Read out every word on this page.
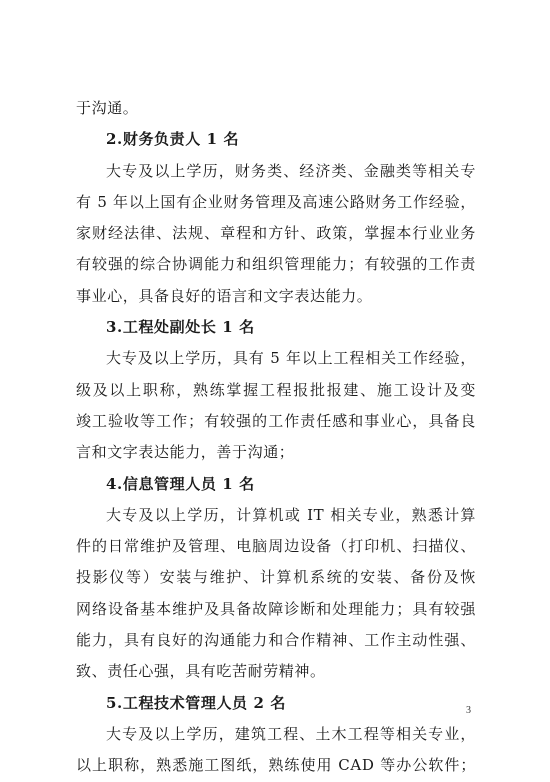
于沟通。
2.财务负责人 1 名
大专及以上学历，财务类、经济类、金融类等相关专
有 5 年以上国有企业财务管理及高速公路财务工作经验，
家财经法律、法规、章程和方针、政策，掌握本行业业务
有较强的综合协调能力和组织管理能力；有较强的工作责
事业心，具备良好的语言和文字表达能力。
3.工程处副处长 1 名
大专及以上学历，具有 5 年以上工程相关工作经验，
级及以上职称，熟练掌握工程报批报建、施工设计及变
竣工验收等工作；有较强的工作责任感和事业心，具备良
言和文字表达能力，善于沟通；
4.信息管理人员 1 名
大专及以上学历，计算机或 IT 相关专业，熟悉计算
件的日常维护及管理、电脑周边设备（打印机、扫描仪、
投影仪等）安装与维护、计算机系统的安装、备份及恢
网络设备基本维护及具备故障诊断和处理能力；具有较强
能力，具有良好的沟通能力和合作精神、工作主动性强、
致、责任心强，具有吃苦耐劳精神。
5.工程技术管理人员 2 名
大专及以上学历，建筑工程、土木工程等相关专业，
以上职称，熟悉施工图纸，熟练使用 CAD 等办公软件；
3
